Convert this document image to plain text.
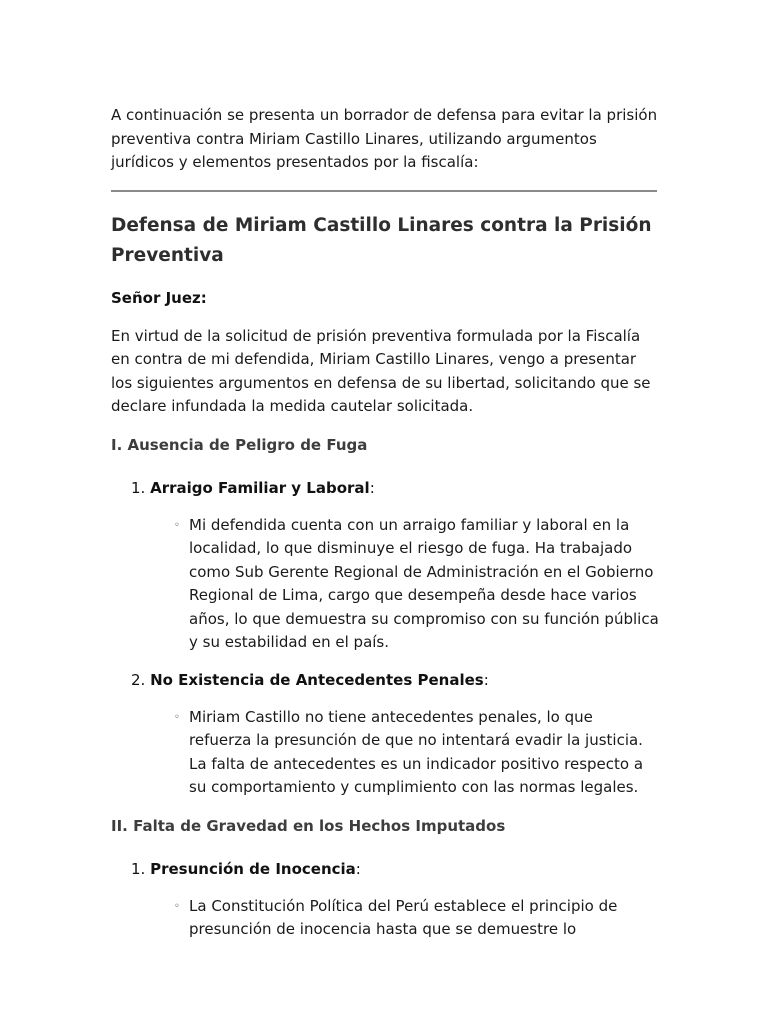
A continuación se presenta un borrador de defensa para evitar la prisión preventiva contra Miriam Castillo Linares, utilizando argumentos jurídicos y elementos presentados por la fiscalía:

Defensa de Miriam Castillo Linares contra la Prisión Preventiva

Señor Juez:

En virtud de la solicitud de prisión preventiva formulada por la Fiscalía en contra de mi defendida, Miriam Castillo Linares, vengo a presentar los siguientes argumentos en defensa de su libertad, solicitando que se declare infundada la medida cautelar solicitada.

I. Ausencia de Peligro de Fuga

1. Arraigo Familiar y Laboral:

◦ Mi defendida cuenta con un arraigo familiar y laboral en la localidad, lo que disminuye el riesgo de fuga. Ha trabajado como Sub Gerente Regional de Administración en el Gobierno Regional de Lima, cargo que desempeña desde hace varios años, lo que demuestra su compromiso con su función pública y su estabilidad en el país.

2. No Existencia de Antecedentes Penales:

◦ Miriam Castillo no tiene antecedentes penales, lo que refuerza la presunción de que no intentará evadir la justicia. La falta de antecedentes es un indicador positivo respecto a su comportamiento y cumplimiento con las normas legales.

II. Falta de Gravedad en los Hechos Imputados

1. Presunción de Inocencia:

◦ La Constitución Política del Perú establece el principio de presunción de inocencia hasta que se demuestre lo
